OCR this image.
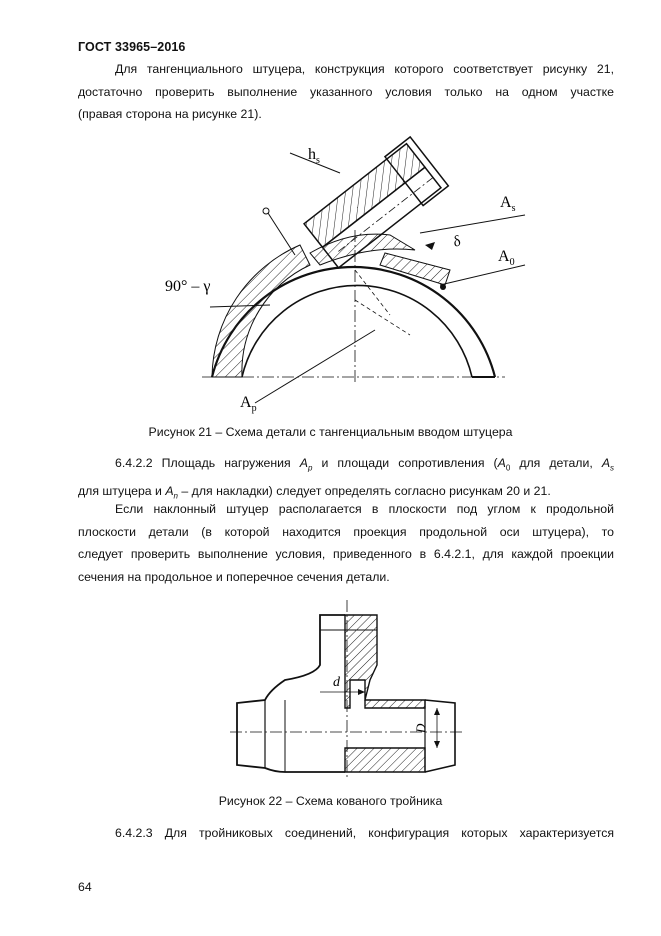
ГОСТ 33965–2016
Для тангенциального штуцера, конструкция которого соответствует рисунку 21,
достаточно проверить выполнение указанного условия только на одном участке
(правая сторона на рисунке 21).
$h_s$
$A_s$
$A_0$
90° – γ
δ
$A_p$
Рисунок 21 – Схема детали с тангенциальным вводом штуцера
6.4.2.2 Площадь нагружения $A_p$ и площади сопротивления ($A_0$ для детали, $A_s$
для штуцера и $A_n$ – для накладки) следует определять согласно рисункам 20 и 21.
Если наклонный штуцер располагается в плоскости под углом к продольной
плоскости детали (в которой находится проекция продольной оси штуцера), то
следует проверить выполнение условия, приведенного в 6.4.2.1, для каждой проекции
сечения на продольное и поперечное сечения детали.
d
D
Рисунок 22 – Схема кованого тройника
6.4.2.3 Для тройниковых соединений, конфигурация которых характеризуется
64
